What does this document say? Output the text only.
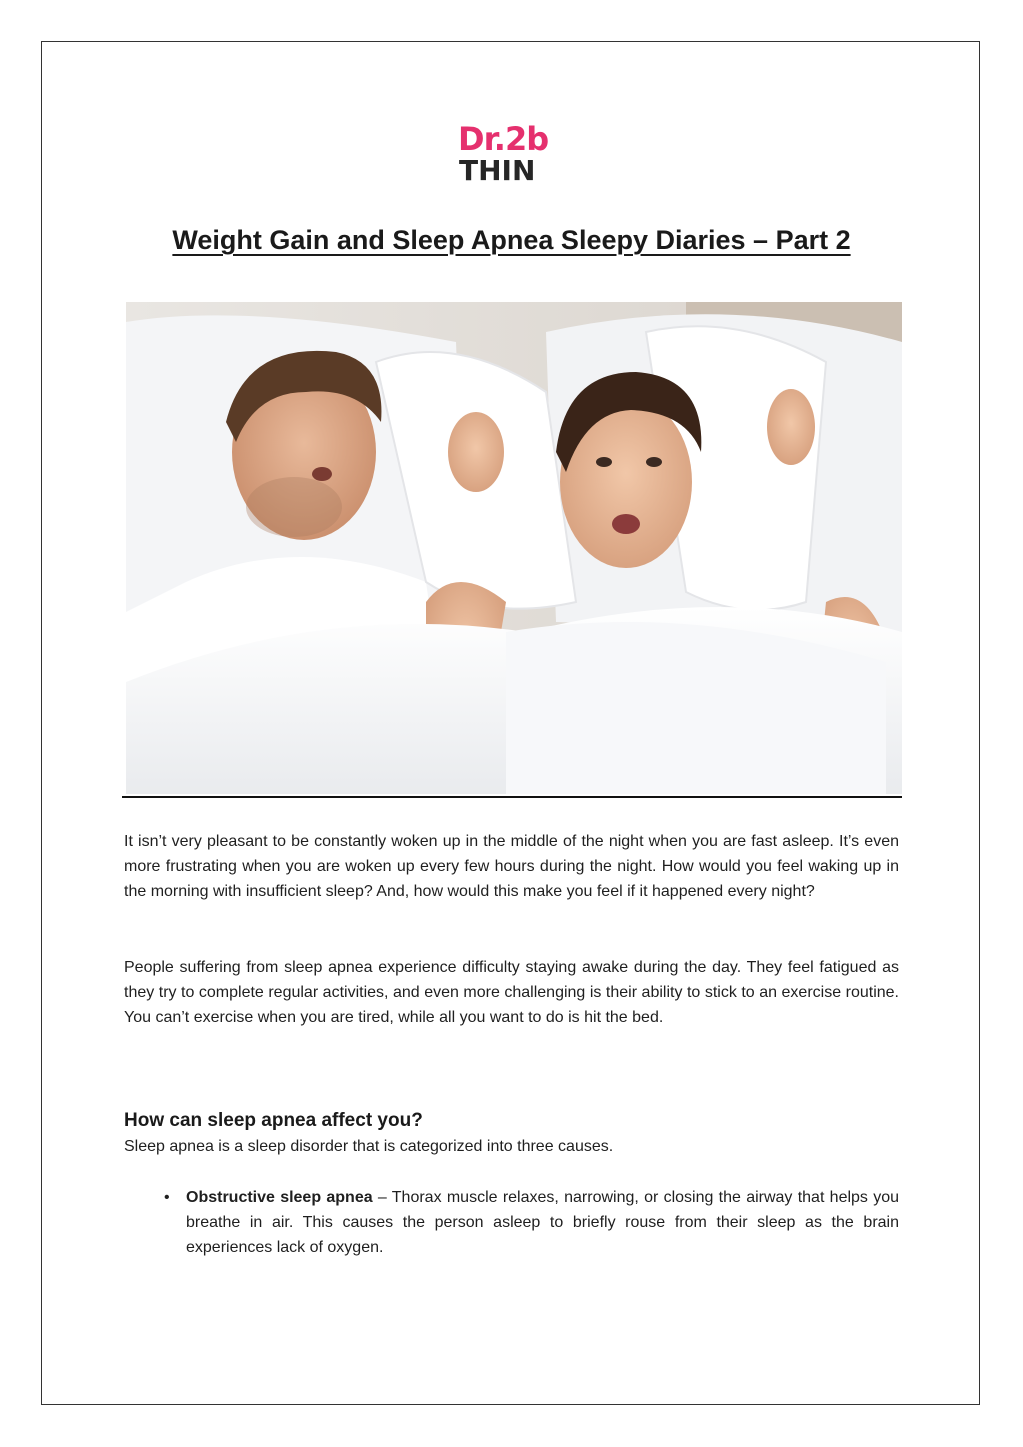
Dr.2b
THIN
Weight Gain and Sleep Apnea Sleepy Diaries – Part 2

It isn’t very pleasant to be constantly woken up in the middle of the night when you are fast asleep. It’s even more frustrating when you are woken up every few hours during the night. How would you feel waking up in the morning with insufficient sleep? And, how would this make you feel if it happened every night?

People suffering from sleep apnea experience difficulty staying awake during the day. They feel fatigued as they try to complete regular activities, and even more challenging is their ability to stick to an exercise routine. You can’t exercise when you are tired, while all you want to do is hit the bed.

How can sleep apnea affect you?

Sleep apnea is a sleep disorder that is categorized into three causes.

• Obstructive sleep apnea – Thorax muscle relaxes, narrowing, or closing the airway that helps you breathe in air. This causes the person asleep to briefly rouse from their sleep as the brain experiences lack of oxygen.
